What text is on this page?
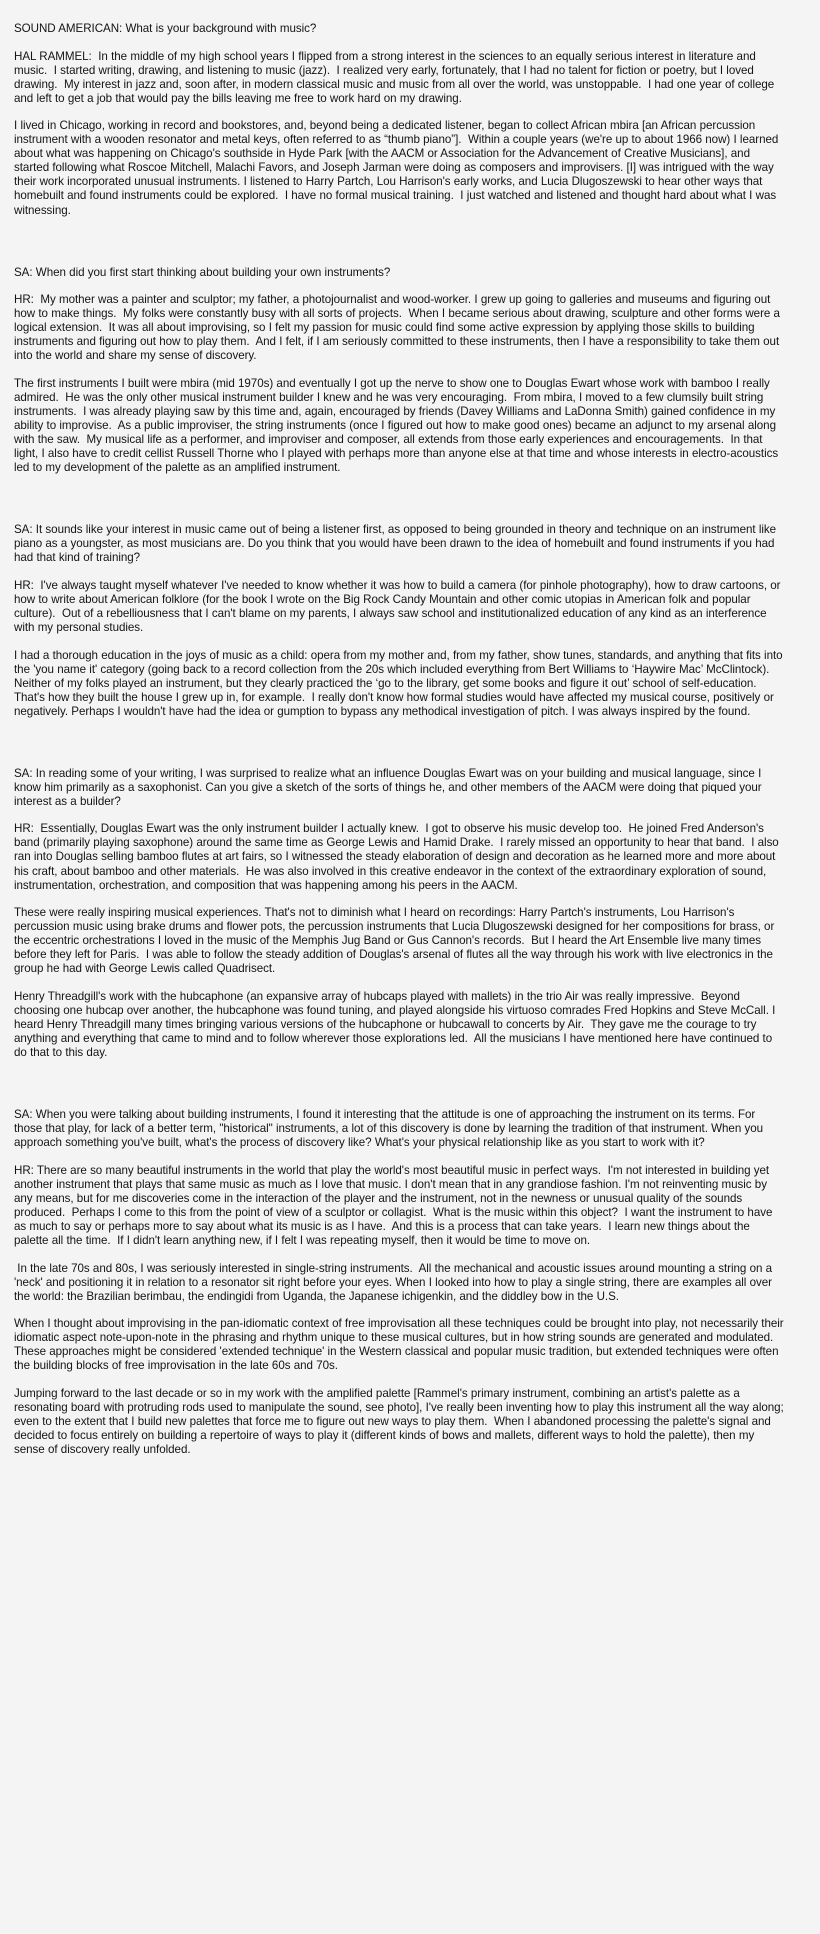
SOUND AMERICAN: What is your background with music?

HAL RAMMEL:  In the middle of my high school years I flipped from a strong interest in the sciences to an equally serious interest in literature and music.  I started writing, drawing, and listening to music (jazz).  I realized very early, fortunately, that I had no talent for fiction or poetry, but I loved drawing.  My interest in jazz and, soon after, in modern classical music and music from all over the world, was unstoppable.  I had one year of college and left to get a job that would pay the bills leaving me free to work hard on my drawing.

I lived in Chicago, working in record and bookstores, and, beyond being a dedicated listener, began to collect African mbira [an African percussion instrument with a wooden resonator and metal keys, often referred to as “thumb piano”].  Within a couple years (we're up to about 1966 now) I learned about what was happening on Chicago's southside in Hyde Park [with the AACM or Association for the Advancement of Creative Musicians], and started following what Roscoe Mitchell, Malachi Favors, and Joseph Jarman were doing as composers and improvisers. [I] was intrigued with the way their work incorporated unusual instruments. I listened to Harry Partch, Lou Harrison's early works, and Lucia Dlugoszewski to hear other ways that homebuilt and found instruments could be explored.  I have no formal musical training.  I just watched and listened and thought hard about what I was witnessing.

SA: When did you first start thinking about building your own instruments?

HR:  My mother was a painter and sculptor; my father, a photojournalist and wood-worker. I grew up going to galleries and museums and figuring out how to make things.  My folks were constantly busy with all sorts of projects.  When I became serious about drawing, sculpture and other forms were a logical extension.  It was all about improvising, so I felt my passion for music could find some active expression by applying those skills to building instruments and figuring out how to play them.  And I felt, if I am seriously committed to these instruments, then I have a responsibility to take them out into the world and share my sense of discovery.

The first instruments I built were mbira (mid 1970s) and eventually I got up the nerve to show one to Douglas Ewart whose work with bamboo I really admired.  He was the only other musical instrument builder I knew and he was very encouraging.  From mbira, I moved to a few clumsily built string instruments.  I was already playing saw by this time and, again, encouraged by friends (Davey Williams and LaDonna Smith) gained confidence in my ability to improvise.  As a public improviser, the string instruments (once I figured out how to make good ones) became an adjunct to my arsenal along with the saw.  My musical life as a performer, and improviser and composer, all extends from those early experiences and encouragements.  In that light, I also have to credit cellist Russell Thorne who I played with perhaps more than anyone else at that time and whose interests in electro-acoustics led to my development of the palette as an amplified instrument.

SA: It sounds like your interest in music came out of being a listener first, as opposed to being grounded in theory and technique on an instrument like piano as a youngster, as most musicians are. Do you think that you would have been drawn to the idea of homebuilt and found instruments if you had had that kind of training?

HR:  I've always taught myself whatever I've needed to know whether it was how to build a camera (for pinhole photography), how to draw cartoons, or how to write about American folklore (for the book I wrote on the Big Rock Candy Mountain and other comic utopias in American folk and popular culture).  Out of a rebelliousness that I can't blame on my parents, I always saw school and institutionalized education of any kind as an interference with my personal studies.

I had a thorough education in the joys of music as a child: opera from my mother and, from my father, show tunes, standards, and anything that fits into the 'you name it' category (going back to a record collection from the 20s which included everything from Bert Williams to ‘Haywire Mac’ McClintock).  Neither of my folks played an instrument, but they clearly practiced the ‘go to the library, get some books and figure it out’ school of self-education. That's how they built the house I grew up in, for example.  I really don't know how formal studies would have affected my musical course, positively or negatively. Perhaps I wouldn't have had the idea or gumption to bypass any methodical investigation of pitch. I was always inspired by the found.

SA: In reading some of your writing, I was surprised to realize what an influence Douglas Ewart was on your building and musical language, since I know him primarily as a saxophonist. Can you give a sketch of the sorts of things he, and other members of the AACM were doing that piqued your interest as a builder?

HR:  Essentially, Douglas Ewart was the only instrument builder I actually knew.  I got to observe his music develop too.  He joined Fred Anderson's band (primarily playing saxophone) around the same time as George Lewis and Hamid Drake.  I rarely missed an opportunity to hear that band.  I also ran into Douglas selling bamboo flutes at art fairs, so I witnessed the steady elaboration of design and decoration as he learned more and more about his craft, about bamboo and other materials.  He was also involved in this creative endeavor in the context of the extraordinary exploration of sound, instrumentation, orchestration, and composition that was happening among his peers in the AACM.

These were really inspiring musical experiences. That's not to diminish what I heard on recordings: Harry Partch's instruments, Lou Harrison's percussion music using brake drums and flower pots, the percussion instruments that Lucia Dlugoszewski designed for her compositions for brass, or the eccentric orchestrations I loved in the music of the Memphis Jug Band or Gus Cannon's records.  But I heard the Art Ensemble live many times before they left for Paris.  I was able to follow the steady addition of Douglas's arsenal of flutes all the way through his work with live electronics in the group he had with George Lewis called Quadrisect.

Henry Threadgill's work with the hubcaphone (an expansive array of hubcaps played with mallets) in the trio Air was really impressive.  Beyond choosing one hubcap over another, the hubcaphone was found tuning, and played alongside his virtuoso comrades Fred Hopkins and Steve McCall. I heard Henry Threadgill many times bringing various versions of the hubcaphone or hubcawall to concerts by Air.  They gave me the courage to try anything and everything that came to mind and to follow wherever those explorations led.  All the musicians I have mentioned here have continued to do that to this day.

SA: When you were talking about building instruments, I found it interesting that the attitude is one of approaching the instrument on its terms. For those that play, for lack of a better term, "historical" instruments, a lot of this discovery is done by learning the tradition of that instrument. When you approach something you've built, what's the process of discovery like? What's your physical relationship like as you start to work with it?

HR: There are so many beautiful instruments in the world that play the world's most beautiful music in perfect ways.  I'm not interested in building yet another instrument that plays that same music as much as I love that music. I don't mean that in any grandiose fashion. I'm not reinventing music by any means, but for me discoveries come in the interaction of the player and the instrument, not in the newness or unusual quality of the sounds produced.  Perhaps I come to this from the point of view of a sculptor or collagist.  What is the music within this object?  I want the instrument to have as much to say or perhaps more to say about what its music is as I have.  And this is a process that can take years.  I learn new things about the palette all the time.  If I didn't learn anything new, if I felt I was repeating myself, then it would be time to move on.

In the late 70s and 80s, I was seriously interested in single-string instruments.  All the mechanical and acoustic issues around mounting a string on a 'neck' and positioning it in relation to a resonator sit right before your eyes. When I looked into how to play a single string, there are examples all over the world: the Brazilian berimbau, the endingidi from Uganda, the Japanese ichigenkin, and the diddley bow in the U.S.

When I thought about improvising in the pan-idiomatic context of free improvisation all these techniques could be brought into play, not necessarily their idiomatic aspect note-upon-note in the phrasing and rhythm unique to these musical cultures, but in how string sounds are generated and modulated.  These approaches might be considered 'extended technique' in the Western classical and popular music tradition, but extended techniques were often the building blocks of free improvisation in the late 60s and 70s.

Jumping forward to the last decade or so in my work with the amplified palette [Rammel's primary instrument, combining an artist's palette as a resonating board with protruding rods used to manipulate the sound, see photo], I've really been inventing how to play this instrument all the way along; even to the extent that I build new palettes that force me to figure out new ways to play them.  When I abandoned processing the palette's signal and decided to focus entirely on building a repertoire of ways to play it (different kinds of bows and mallets, different ways to hold the palette), then my sense of discovery really unfolded.
